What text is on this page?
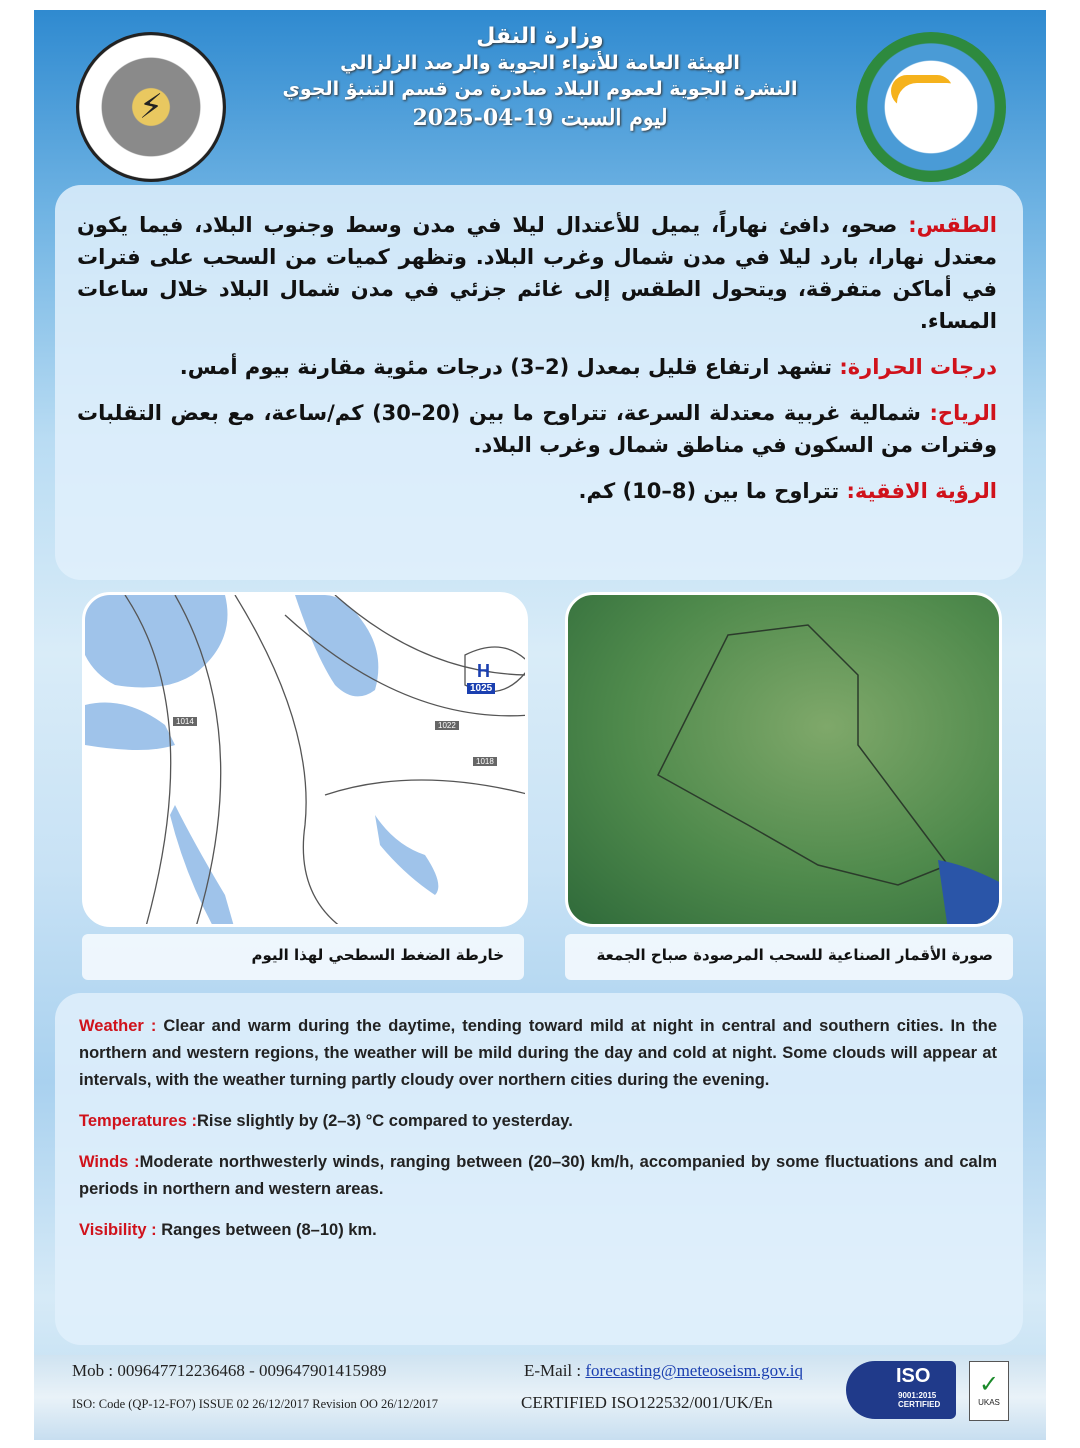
⚡
وزارة النقل
الهيئة العامة للأنواء الجوية والرصد الزلزالي
النشرة الجوية لعموم البلاد صادرة من قسم التنبؤ الجوي
ليوم السبت 19-04-2025

الطقس: صحو، دافئ نهاراً، يميل للأعتدال ليلا في مدن وسط وجنوب البلاد، فيما يكون معتدل نهارا، بارد ليلا في مدن شمال وغرب البلاد. وتظهر كميات من السحب على فترات في أماكن متفرقة، ويتحول الطقس إلى غائم جزئي في مدن شمال البلاد خلال ساعات المساء.

درجات الحرارة: تشهد ارتفاع قليل بمعدل (2–3) درجات مئوية مقارنة بيوم أمس.

الرياح: شمالية غربية معتدلة السرعة، تتراوح ما بين (20–30) كم/ساعة، مع بعض التقلبات وفترات من السكون في مناطق شمال وغرب البلاد.

الرؤية الافقية: تتراوح ما بين (8–10) كم.

H
1025
1022
1018
1014
خارطة الضغط السطحي لهذا اليوم	صورة الأقمار الصناعية للسحب المرصودة صباح الجمعة

Weather : Clear and warm during the daytime, tending toward mild at night in central and southern cities. In the northern and western regions, the weather will be mild during the day and cold at night. Some clouds will appear at intervals, with the weather turning partly cloudy over northern cities during the evening.

Temperatures :Rise slightly by (2–3) °C compared to yesterday.

Winds :Moderate northwesterly winds, ranging between (20–30) km/h, accompanied by some fluctuations and calm periods in northern and western areas.

Visibility : Ranges between (8–10) km.

Mob : 009647712236468 - 009647901415989	E-Mail : forecasting@meteoseism.gov.iq
ISO: Code (QP-12-FO7) ISSUE 02 26/12/2017 Revision OO 26/12/2017	CERTIFIED ISO122532/001/UK/En
ISO
9001:2015 CERTIFIED	✓ UKAS
